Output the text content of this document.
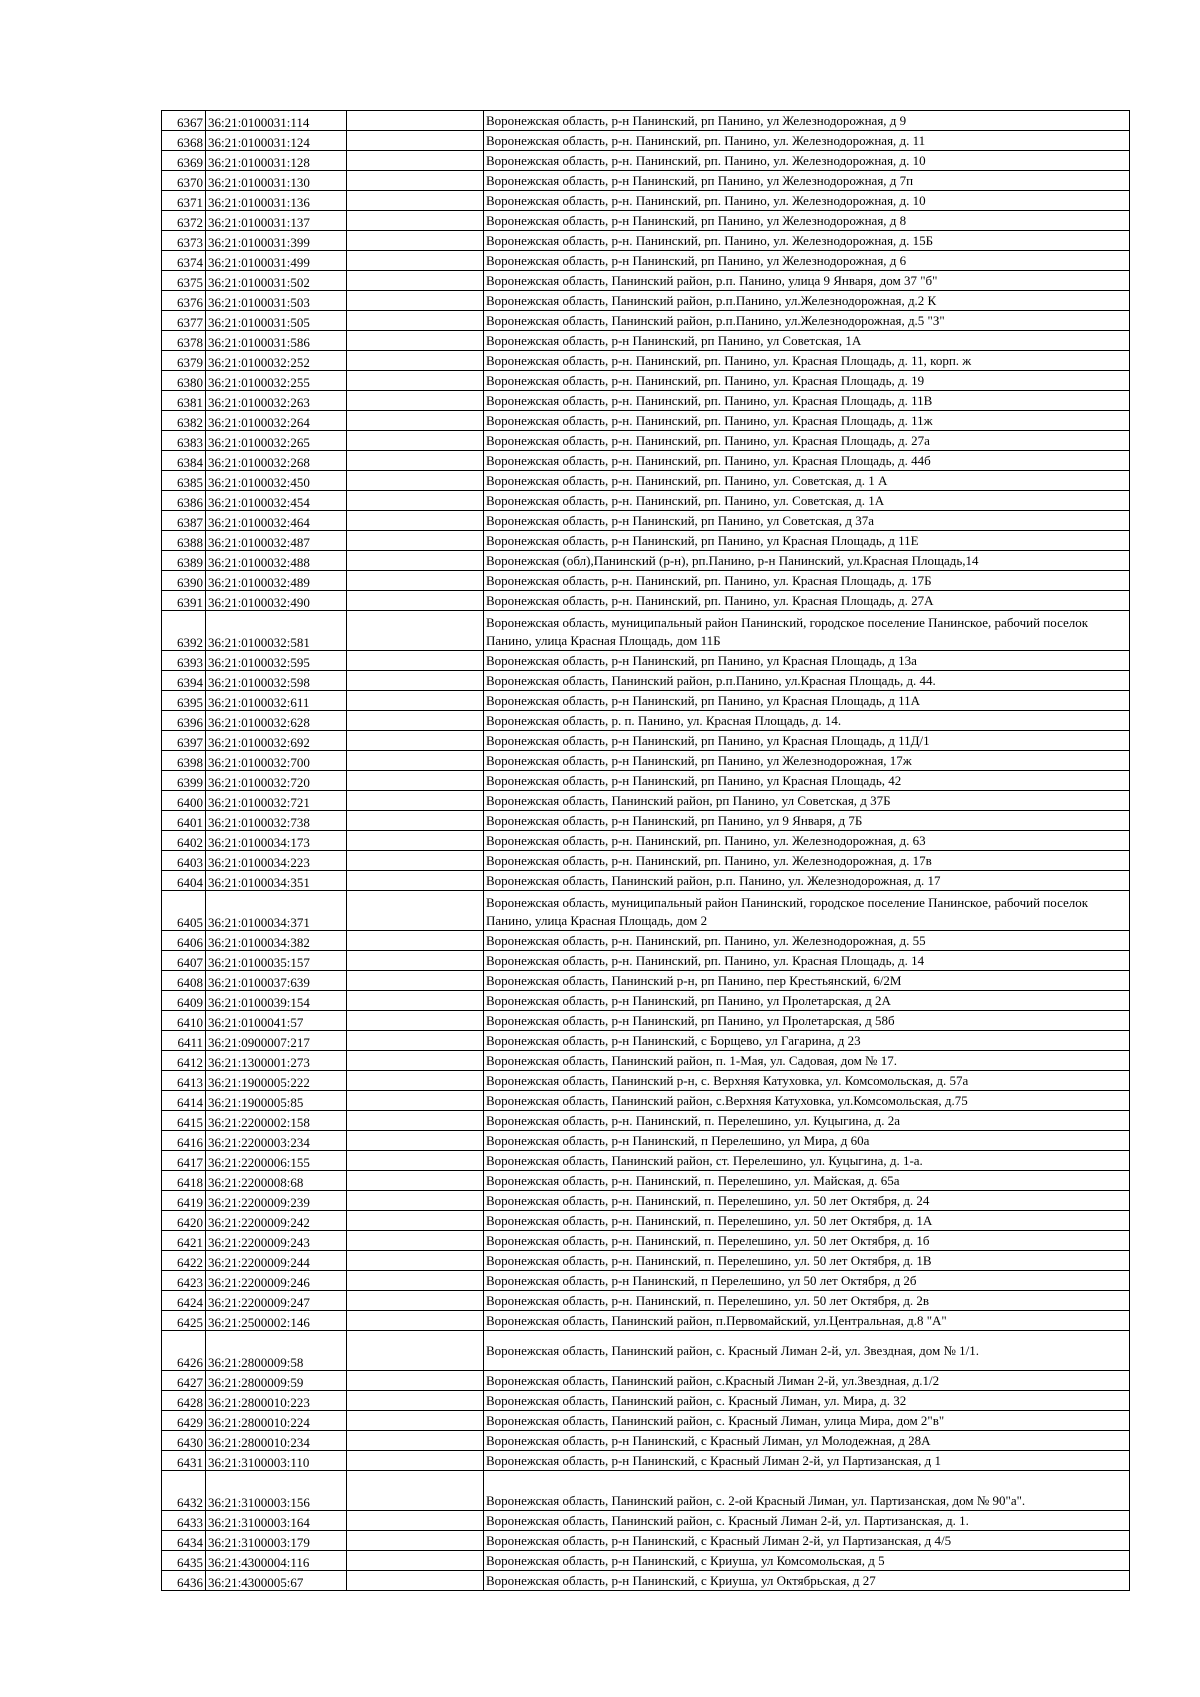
6367	36:21:0100031:114		Воронежская область, р-н Панинский, рп Панино, ул Железнодорожная, д 9
6368	36:21:0100031:124		Воронежская область, р-н. Панинский, рп. Панино, ул. Железнодорожная, д. 11
6369	36:21:0100031:128		Воронежская область, р-н. Панинский, рп. Панино, ул. Железнодорожная, д. 10
6370	36:21:0100031:130		Воронежская область, р-н Панинский, рп Панино, ул Железнодорожная, д 7п
6371	36:21:0100031:136		Воронежская область, р-н. Панинский, рп. Панино, ул. Железнодорожная, д. 10
6372	36:21:0100031:137		Воронежская область, р-н Панинский, рп Панино, ул Железнодорожная, д 8
6373	36:21:0100031:399		Воронежская область, р-н. Панинский, рп. Панино, ул. Железнодорожная, д. 15Б
6374	36:21:0100031:499		Воронежская область, р-н Панинский, рп Панино, ул Железнодорожная, д 6
6375	36:21:0100031:502		Воронежская область, Панинский район, р.п. Панино, улица 9 Января, дом 37 "б"
6376	36:21:0100031:503		Воронежская область, Панинский район, р.п.Панино, ул.Железнодорожная, д.2 К
6377	36:21:0100031:505		Воронежская область, Панинский район, р.п.Панино, ул.Железнодорожная, д.5 "З"
6378	36:21:0100031:586		Воронежская область, р-н Панинский, рп Панино, ул Советская, 1А
6379	36:21:0100032:252		Воронежская область, р-н. Панинский, рп. Панино, ул. Красная Площадь, д. 11, корп. ж
6380	36:21:0100032:255		Воронежская область, р-н. Панинский, рп. Панино, ул. Красная Площадь, д. 19
6381	36:21:0100032:263		Воронежская область, р-н. Панинский, рп. Панино, ул. Красная Площадь, д. 11В
6382	36:21:0100032:264		Воронежская область, р-н. Панинский, рп. Панино, ул. Красная Площадь, д. 11ж
6383	36:21:0100032:265		Воронежская область, р-н. Панинский, рп. Панино, ул. Красная Площадь, д. 27а
6384	36:21:0100032:268		Воронежская область, р-н. Панинский, рп. Панино, ул. Красная Площадь, д. 44б
6385	36:21:0100032:450		Воронежская область, р-н. Панинский, рп. Панино, ул. Советская, д. 1 А
6386	36:21:0100032:454		Воронежская область, р-н. Панинский, рп. Панино, ул. Советская, д. 1А
6387	36:21:0100032:464		Воронежская область, р-н Панинский, рп Панино, ул Советская, д 37а
6388	36:21:0100032:487		Воронежская область, р-н Панинский, рп Панино, ул Красная Площадь, д 11Е
6389	36:21:0100032:488		Воронежская (обл),Панинский (р-н), рп.Панино, р-н Панинский, ул.Красная Площадь,14
6390	36:21:0100032:489		Воронежская область, р-н. Панинский, рп. Панино, ул. Красная Площадь, д. 17Б
6391	36:21:0100032:490		Воронежская область, р-н. Панинский, рп. Панино, ул. Красная Площадь, д. 27А
6392	36:21:0100032:581		Воронежская область, муниципальный район Панинский, городское поселение Панинское, рабочий поселок Панино, улица Красная Площадь, дом 11Б
6393	36:21:0100032:595		Воронежская область, р-н Панинский, рп Панино, ул Красная Площадь, д 13а
6394	36:21:0100032:598		Воронежская область, Панинский район, р.п.Панино, ул.Красная Площадь, д. 44.
6395	36:21:0100032:611		Воронежская область, р-н Панинский, рп Панино, ул Красная Площадь, д 11А
6396	36:21:0100032:628		Воронежская область, р. п. Панино, ул. Красная Площадь, д. 14.
6397	36:21:0100032:692		Воронежская область, р-н Панинский, рп Панино, ул Красная Площадь, д 11Д/1
6398	36:21:0100032:700		Воронежская область, р-н Панинский, рп Панино, ул Железнодорожная, 17ж
6399	36:21:0100032:720		Воронежская область, р-н Панинский, рп Панино, ул Красная Площадь, 42
6400	36:21:0100032:721		Воронежская область, Панинский район, рп Панино, ул Советская, д 37Б
6401	36:21:0100032:738		Воронежская область, р-н Панинский, рп Панино, ул 9 Января, д 7Б
6402	36:21:0100034:173		Воронежская область, р-н. Панинский, рп. Панино, ул. Железнодорожная, д. 63
6403	36:21:0100034:223		Воронежская область, р-н. Панинский, рп. Панино, ул. Железнодорожная, д. 17в
6404	36:21:0100034:351		Воронежская область, Панинский район, р.п. Панино, ул. Железнодорожная, д. 17
6405	36:21:0100034:371		Воронежская область, муниципальный район Панинский, городское поселение Панинское, рабочий поселок Панино, улица Красная Площадь, дом 2
6406	36:21:0100034:382		Воронежская область, р-н. Панинский, рп. Панино, ул. Железнодорожная, д. 55
6407	36:21:0100035:157		Воронежская область, р-н. Панинский, рп. Панино, ул. Красная Площадь, д. 14
6408	36:21:0100037:639		Воронежская область, Панинский р-н, рп Панино, пер Крестьянский, 6/2М
6409	36:21:0100039:154		Воронежская область, р-н Панинский, рп Панино, ул Пролетарская, д 2А
6410	36:21:0100041:57		Воронежская область, р-н Панинский, рп Панино, ул Пролетарская, д 58б
6411	36:21:0900007:217		Воронежская область, р-н Панинский, с Борщево, ул Гагарина, д 23
6412	36:21:1300001:273		Воронежская область, Панинский район, п. 1-Мая, ул. Садовая, дом № 17.
6413	36:21:1900005:222		Воронежская область, Панинский р-н, с. Верхняя Катуховка, ул. Комсомольская, д. 57а
6414	36:21:1900005:85		Воронежская область, Панинский район, с.Верхняя Катуховка, ул.Комсомольская, д.75
6415	36:21:2200002:158		Воронежская область, р-н. Панинский, п. Перелешино, ул. Куцыгина, д. 2а
6416	36:21:2200003:234		Воронежская область, р-н Панинский, п Перелешино, ул Мира, д 60а
6417	36:21:2200006:155		Воронежская область, Панинский район, ст. Перелешино, ул. Куцыгина, д. 1-а.
6418	36:21:2200008:68		Воронежская область, р-н. Панинский, п. Перелешино, ул. Майская, д. 65а
6419	36:21:2200009:239		Воронежская область, р-н. Панинский, п. Перелешино, ул. 50 лет Октября, д. 24
6420	36:21:2200009:242		Воронежская область, р-н. Панинский, п. Перелешино, ул. 50 лет Октября, д. 1А
6421	36:21:2200009:243		Воронежская область, р-н. Панинский, п. Перелешино, ул. 50 лет Октября, д. 1б
6422	36:21:2200009:244		Воронежская область, р-н. Панинский, п. Перелешино, ул. 50 лет Октября, д. 1В
6423	36:21:2200009:246		Воронежская область, р-н Панинский, п Перелешино, ул 50 лет Октября, д 2б
6424	36:21:2200009:247		Воронежская область, р-н. Панинский, п. Перелешино, ул. 50 лет Октября, д. 2в
6425	36:21:2500002:146		Воронежская область, Панинский район, п.Первомайский, ул.Центральная, д.8 "А"
6426	36:21:2800009:58		Воронежская область, Панинский район, с. Красный Лиман 2-й, ул. Звездная, дом № 1/1.
6427	36:21:2800009:59		Воронежская область, Панинский район, с.Красный Лиман 2-й, ул.Звездная, д.1/2
6428	36:21:2800010:223		Воронежская область, Панинский район, с. Красный Лиман, ул. Мира, д. 32
6429	36:21:2800010:224		Воронежская область, Панинский район, с. Красный Лиман, улица Мира, дом 2"в"
6430	36:21:2800010:234		Воронежская область, р-н Панинский, с Красный Лиман, ул Молодежная, д 28А
6431	36:21:3100003:110		Воронежская область, р-н Панинский, с Красный Лиман 2-й, ул Партизанская, д 1
6432	36:21:3100003:156		Воронежская область, Панинский район, с. 2-ой Красный Лиман, ул. Партизанская, дом № 90"а".
6433	36:21:3100003:164		Воронежская область, Панинский район, с. Красный Лиман 2-й, ул. Партизанская, д. 1.
6434	36:21:3100003:179		Воронежская область, р-н Панинский, с Красный Лиман 2-й, ул Партизанская, д 4/5
6435	36:21:4300004:116		Воронежская область, р-н Панинский, с Криуша, ул Комсомольская, д 5
6436	36:21:4300005:67		Воронежская область, р-н Панинский, с Криуша, ул Октябрьская, д 27
